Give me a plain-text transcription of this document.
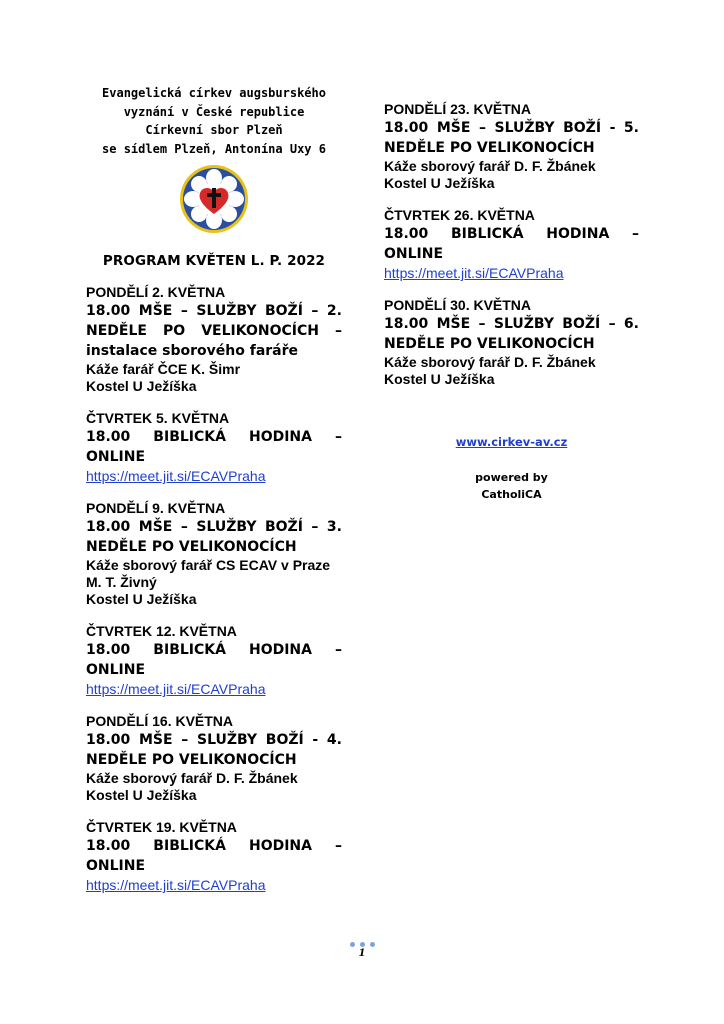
Evangelická církev augsburského
vyznání v České republice
Církevní sbor Plzeň
se sídlem Plzeň, Antonína Uxy 6
PROGRAM KVĚTEN L. P. 2022
PONDĚLÍ 2. KVĚTNA
18.00 MŠE – SLUŽBY BOŽÍ – 2. NEDĚLE PO VELIKONOCÍCH – instalace sborového faráře
Káže farář ČCE K. Šimr
Kostel U Ježíška
ČTVRTEK 5. KVĚTNA
18.00 BIBLICKÁ HODINA – ONLINE
https://meet.jit.si/ECAVPraha
PONDĚLÍ 9. KVĚTNA
18.00 MŠE – SLUŽBY BOŽÍ – 3. NEDĚLE PO VELIKONOCÍCH
Káže sborový farář CS ECAV v Praze M. T. Živný
Kostel U Ježíška
ČTVRTEK 12. KVĚTNA
18.00 BIBLICKÁ HODINA – ONLINE
https://meet.jit.si/ECAVPraha
PONDĚLÍ 16. KVĚTNA
18.00 MŠE – SLUŽBY BOŽÍ - 4. NEDĚLE PO VELIKONOCÍCH
Káže sborový farář D. F. Žbánek
Kostel U Ježíška
ČTVRTEK 19. KVĚTNA
18.00 BIBLICKÁ HODINA – ONLINE
https://meet.jit.si/ECAVPraha
PONDĚLÍ 23. KVĚTNA
18.00 MŠE – SLUŽBY BOŽÍ - 5. NEDĚLE PO VELIKONOCÍCH
Káže sborový farář D. F. Žbánek
Kostel U Ježíška
ČTVRTEK 26. KVĚTNA
18.00 BIBLICKÁ HODINA – ONLINE
https://meet.jit.si/ECAVPraha
PONDĚLÍ 30. KVĚTNA
18.00 MŠE – SLUŽBY BOŽÍ – 6. NEDĚLE PO VELIKONOCÍCH
Káže sborový farář D. F. Žbánek
Kostel U Ježíška
www.cirkev-av.cz
powered by
CatholiCA
1
